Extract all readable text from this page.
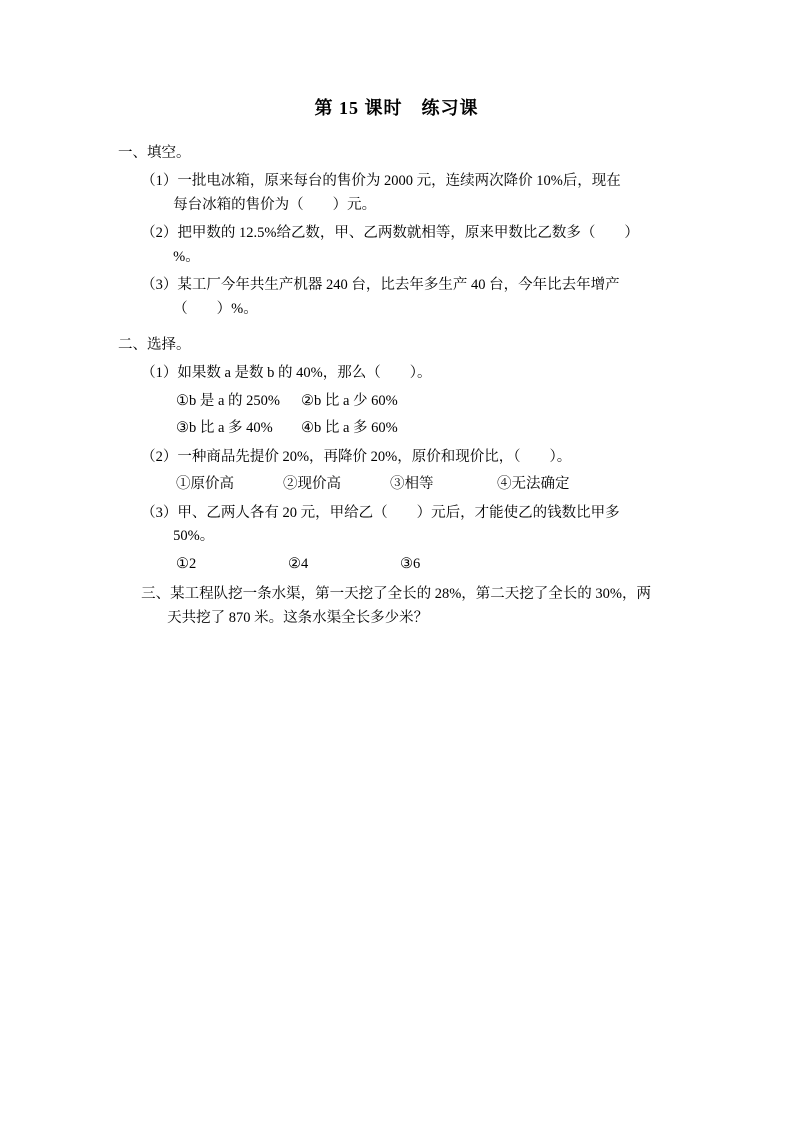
第 15 课时　练习课
一、填空。
（1）一批电冰箱，原来每台的售价为 2000 元，连续两次降价 10%后，现在
每台冰箱的售价为（　　）元。
（2）把甲数的 12.5%给乙数，甲、乙两数就相等，原来甲数比乙数多（　　）
%。
（3）某工厂今年共生产机器 240 台，比去年多生产 40 台，今年比去年增产
（　　）%。
二、选择。
（1）如果数 a 是数 b 的 40%，那么（　　）。
①b 是 a 的 250%	②b 比 a 少 60%
③b 比 a 多 40%	④b 比 a 多 60%
（2）一种商品先提价 20%，再降价 20%，原价和现价比，（　　）。
①原价高	②现价高	③相等	④无法确定
（3）甲、乙两人各有 20 元，甲给乙（　　）元后，才能使乙的钱数比甲多
50%。
①2	②4	③6
三、某工程队挖一条水渠，第一天挖了全长的 28%，第二天挖了全长的 30%，两
天共挖了 870 米。这条水渠全长多少米？
